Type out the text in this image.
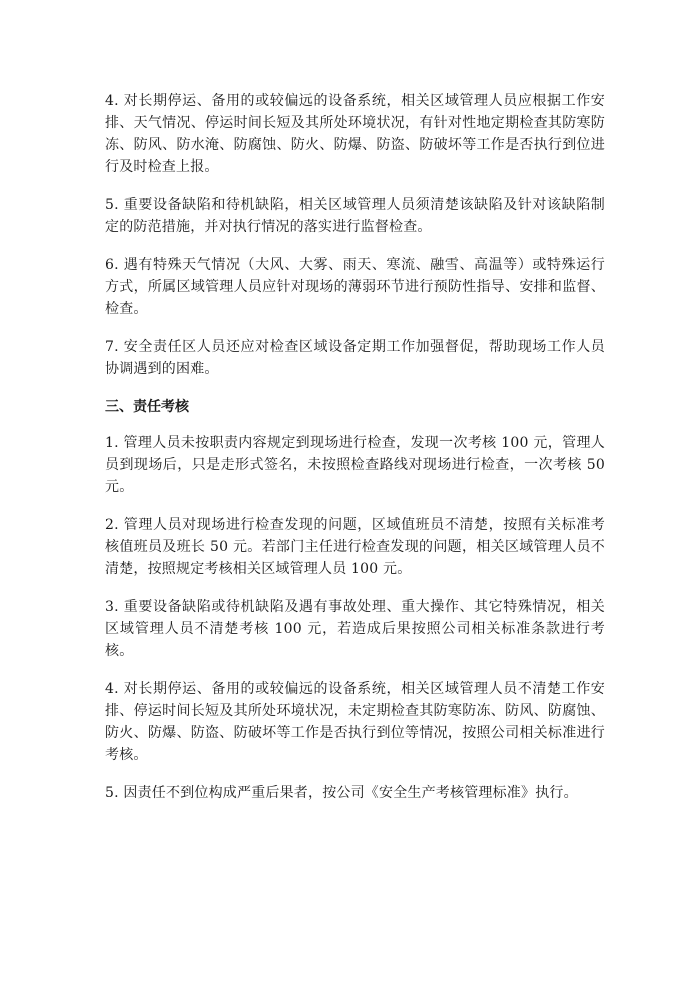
4. 对长期停运、备用的或较偏远的设备系统，相关区域管理人员应根据工作安排、天气情况、停运时间长短及其所处环境状况，有针对性地定期检查其防寒防冻、防风、防水淹、防腐蚀、防火、防爆、防盗、防破坏等工作是否执行到位进行及时检查上报。

5. 重要设备缺陷和待机缺陷，相关区域管理人员须清楚该缺陷及针对该缺陷制定的防范措施，并对执行情况的落实进行监督检查。

6. 遇有特殊天气情况（大风、大雾、雨天、寒流、融雪、高温等）或特殊运行方式，所属区域管理人员应针对现场的薄弱环节进行预防性指导、安排和监督、检查。

7. 安全责任区人员还应对检查区域设备定期工作加强督促，帮助现场工作人员协调遇到的困难。

三、责任考核

1. 管理人员未按职责内容规定到现场进行检查，发现一次考核 100 元，管理人员到现场后，只是走形式签名，未按照检查路线对现场进行检查，一次考核 50 元。

2. 管理人员对现场进行检查发现的问题，区域值班员不清楚，按照有关标准考核值班员及班长 50 元。若部门主任进行检查发现的问题，相关区域管理人员不清楚，按照规定考核相关区域管理人员 100 元。

3. 重要设备缺陷或待机缺陷及遇有事故处理、重大操作、其它特殊情况，相关区域管理人员不清楚考核 100 元，若造成后果按照公司相关标准条款进行考核。

4. 对长期停运、备用的或较偏远的设备系统，相关区域管理人员不清楚工作安排、停运时间长短及其所处环境状况，未定期检查其防寒防冻、防风、防腐蚀、防火、防爆、防盗、防破坏等工作是否执行到位等情况，按照公司相关标准进行考核。

5. 因责任不到位构成严重后果者，按公司《安全生产考核管理标准》执行。
